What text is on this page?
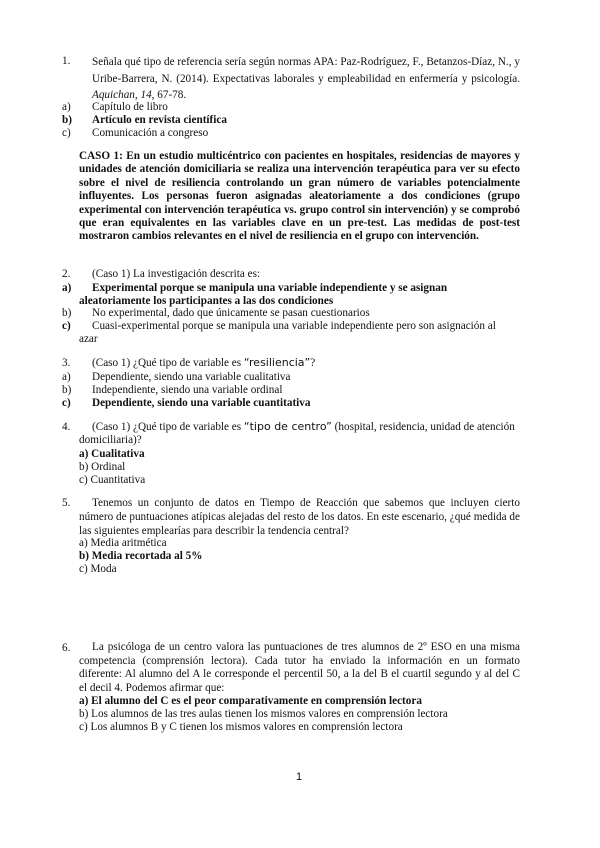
1. Señala qué tipo de referencia sería según normas APA: Paz-Rodríguez, F., Betanzos-Díaz, N., y Uribe-Barrera, N. (2014). Expectativas laborales y empleabilidad en enfermería y psicología. Aquichan, 14, 67-78.
a) Capítulo de libro
b) Artículo en revista científica
c) Comunicación a congreso
CASO 1: En un estudio multicéntrico con pacientes en hospitales, residencias de mayores y unidades de atención domiciliaria se realiza una intervención terapéutica para ver su efecto sobre el nivel de resiliencia controlando un gran número de variables potencialmente influyentes. Los personas fueron asignadas aleatoriamente a dos condiciones (grupo experimental con intervención terapéutica vs. grupo control sin intervención) y se comprobó que eran equivalentes en las variables clave en un pre-test. Las medidas de post-test mostraron cambios relevantes en el nivel de resiliencia en el grupo con intervención.
2. (Caso 1) La investigación descrita es:
a) Experimental porque se manipula una variable independiente y se asignan
aleatoriamente los participantes a las dos condiciones
b) No experimental, dado que únicamente se pasan cuestionarios
c) Cuasi-experimental porque se manipula una variable independiente pero son asignación al
azar
3. (Caso 1) ¿Qué tipo de variable es “resiliencia”?
a) Dependiente, siendo una variable cualitativa
b) Independiente, siendo una variable ordinal
c) Dependiente, siendo una variable cuantitativa
4. (Caso 1) ¿Qué tipo de variable es “tipo de centro” (hospital, residencia, unidad de atención
domiciliaria)?
a) Cualitativa
b) Ordinal
c) Cuantitativa
5.	Tenemos un conjunto de datos en Tiempo de Reacción que sabemos que incluyen cierto número de puntuaciones atípicas alejadas del resto de los datos. En este escenario, ¿qué medida de las siguientes emplearías para describir la tendencia central?
a) Media aritmética
b) Media recortada al 5%
c) Moda
6.	La psicóloga de un centro valora las puntuaciones de tres alumnos de 2º ESO en una misma competencia (comprensión lectora). Cada tutor ha enviado la información en un formato diferente: Al alumno del A le corresponde el percentil 50, a la del B el cuartil segundo y al del C el decil 4. Podemos afirmar que:
a) El alumno del C es el peor comparativamente en comprensión lectora
b) Los alumnos de las tres aulas tienen los mismos valores en comprensión lectora
c) Los alumnos B y C tienen los mismos valores en comprensión lectora
1
